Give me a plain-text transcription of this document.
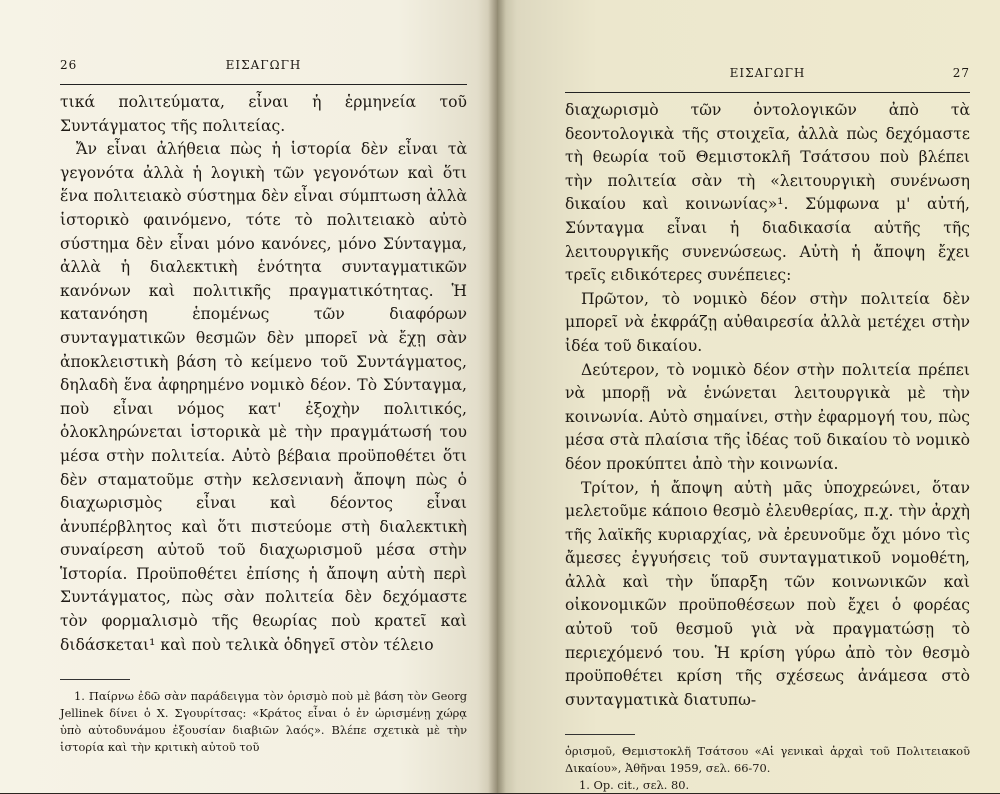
26	ΕΙΣΑΓΩΓΗ

τικά πολιτεύματα, εἶναι ἡ ἑρμηνεία τοῦ Συντάγματος τῆς πολιτείας.

Ἄν εἶναι ἀλήθεια πὼς ἡ ἱστορία δὲν εἶναι τὰ γεγονότα ἀλλὰ ἡ λογικὴ τῶν γεγονότων καὶ ὅτι ἕνα πολιτειακὸ σύστημα δὲν εἶναι σύμπτωση ἀλλὰ ἱστορικὸ φαινόμενο, τότε τὸ πολιτειακὸ αὐτὸ σύστημα δὲν εἶναι μόνο κανόνες, μόνο Σύνταγμα, ἀλλὰ ἡ διαλεκτικὴ ἑνότητα συνταγματικῶν κανόνων καὶ πολιτικῆς πραγματικότητας. Ἡ κατανόηση ἑπομένως τῶν διαφόρων συνταγματικῶν θεσμῶν δὲν μπορεῖ νὰ ἔχῃ σὰν ἀποκλειστικὴ βάση τὸ κείμενο τοῦ Συντάγματος, δηλαδὴ ἕνα ἀφηρημένο νομικὸ δέον. Τὸ Σύνταγμα, ποὺ εἶναι νόμος κατ' ἐξοχὴν πολιτικός, ὁλοκληρώνεται ἱστορικὰ μὲ τὴν πραγμάτωσή του μέσα στὴν πολιτεία. Αὐτὸ βέβαια προϋποθέτει ὅτι δὲν σταματοῦμε στὴν κελσενιανὴ ἄποψη πὼς ὁ διαχωρισμὸς εἶναι καὶ δέοντος εἶναι ἀνυπέρβλητος καὶ ὅτι πιστεύομε στὴ διαλεκτικὴ συναίρεση αὐτοῦ τοῦ διαχωρισμοῦ μέσα στὴν Ἱστορία. Προϋποθέτει ἐπίσης ἡ ἄποψη αὐτὴ περὶ Συντάγματος, πὼς σὰν πολιτεία δὲν δεχόμαστε τὸν φορμαλισμὸ τῆς θεωρίας ποὺ κρατεῖ καὶ διδάσκεται¹ καὶ ποὺ τελικὰ ὁδηγεῖ στὸν τέλειο

1. Παίρνω ἐδῶ σὰν παράδειγμα τὸν ὁρισμὸ ποὺ μὲ βάση τὸν Georg Jellinek δίνει ὁ Χ. Σγουρίτσας: «Κράτος εἶναι ὁ ἐν ὡρισμένῃ χώρᾳ ὑπὸ αὐτοδυνάμου ἐξουσίαν διαβιῶν λαός». Βλέπε σχετικὰ μὲ τὴν ἱστορία καὶ τὴν κριτικὴ αὐτοῦ τοῦ

ΕΙΣΑΓΩΓΗ	27

διαχωρισμὸ τῶν ὀντολογικῶν ἀπὸ τὰ δεοντολογικὰ τῆς στοιχεῖα, ἀλλὰ πὼς δεχόμαστε τὴ θεωρία τοῦ Θεμιστοκλῆ Τσάτσου ποὺ βλέπει τὴν πολιτεία σὰν τὴ «λειτουργικὴ συνένωση δικαίου καὶ κοινωνίας»¹. Σύμφωνα μ' αὐτή, Σύνταγμα εἶναι ἡ διαδικασία αὐτῆς τῆς λειτουργικῆς συνενώσεως. Αὐτὴ ἡ ἄποψη ἔχει τρεῖς ειδικότερες συνέπειες:

Πρῶτον, τὸ νομικὸ δέον στὴν πολιτεία δὲν μπορεῖ νὰ ἐκφράζῃ αὐθαιρεσία ἀλλὰ μετέχει στὴν ἰδέα τοῦ δικαίου.

Δεύτερον, τὸ νομικὸ δέον στὴν πολιτεία πρέπει νὰ μπορῇ νὰ ἑνώνεται λειτουργικὰ μὲ τὴν κοινωνία. Αὐτὸ σημαίνει, στὴν ἐφαρμογή του, πὼς μέσα στὰ πλαίσια τῆς ἰδέας τοῦ δικαίου τὸ νομικὸ δέον προκύπτει ἀπὸ τὴν κοινωνία.

Τρίτον, ἡ ἄποψη αὐτὴ μᾶς ὑποχρεώνει, ὅταν μελετοῦμε κάποιο θεσμὸ ἐλευθερίας, π.χ. τὴν ἀρχὴ τῆς λαϊκῆς κυριαρχίας, νὰ ἐρευνοῦμε ὄχι μόνο τὶς ἄμεσες ἐγγυήσεις τοῦ συνταγματικοῦ νομοθέτη, ἀλλὰ καὶ τὴν ὕπαρξη τῶν κοινωνικῶν καὶ οἰκονομικῶν προϋποθέσεων ποὺ ἔχει ὁ φορέας αὐτοῦ τοῦ θεσμοῦ γιὰ νὰ πραγματώσῃ τὸ περιεχόμενό του. Ἡ κρίση γύρω ἀπὸ τὸν θεσμὸ προϋποθέτει κρίση τῆς σχέσεως ἀνάμεσα στὸ συνταγματικὰ διατυπω-

ὁρισμοῦ, Θεμιστοκλῆ Τσάτσου «Αἱ γενικαὶ ἀρχαὶ τοῦ Πολιτειακοῦ Δικαίου», Ἀθῆναι 1959, σελ. 66-70.

1. Op. cit., σελ. 80.
